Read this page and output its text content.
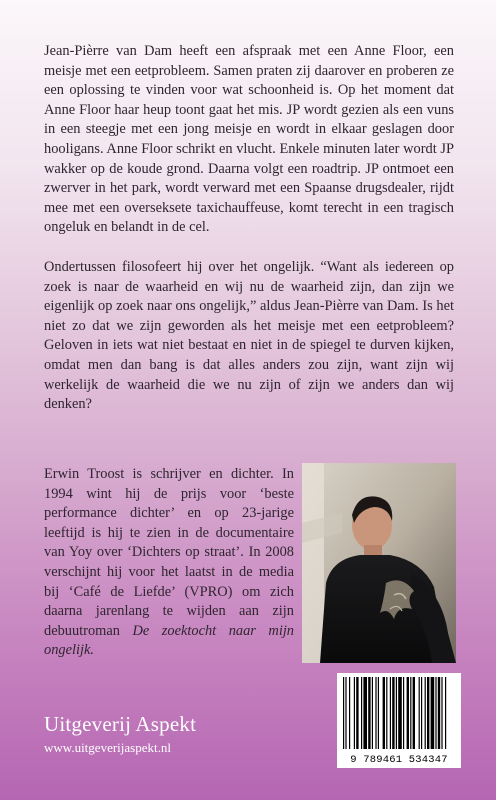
Jean-Pièrre van Dam heeft een afspraak met een Anne Floor, een meisje met een eetprobleem. Samen praten zij daarover en proberen ze een oplossing te vinden voor wat schoonheid is. Op het moment dat Anne Floor haar heup toont gaat het mis. JP wordt gezien als een vuns in een steegje met een jong meisje en wordt in elkaar geslagen door hooligans. Anne Floor schrikt en vlucht. Enkele minuten later wordt JP wakker op de koude grond. Daarna volgt een roadtrip. JP ontmoet een zwerver in het park, wordt verward met een Spaanse drugsdealer, rijdt mee met een overseksete taxichauffeuse, komt terecht in een tragisch ongeluk en belandt in de cel.

Ondertussen filosofeert hij over het ongelijk. “Want als iedereen op zoek is naar de waarheid en wij nu de waarheid zijn, dan zijn we eigenlijk op zoek naar ons ongelijk,” aldus Jean-Pièrre van Dam. Is het niet zo dat we zijn geworden als het meisje met een eetprobleem? Geloven in iets wat niet bestaat en niet in de spiegel te durven kijken, omdat men dan bang is dat alles anders zou zijn, want zijn wij werkelijk de waarheid die we nu zijn of zijn we anders dan wij denken?

Erwin Troost is schrijver en dichter. In 1994 wint hij de prijs voor ‘beste performance dichter’ en op 23-jarige leeftijd is hij te zien in de documentaire van Yoy over ‘Dichters op straat’. In 2008 verschijnt hij voor het laatst in de media bij ‘Café de Liefde’ (VPRO) om zich daarna jarenlang te wijden aan zijn debuutroman De zoektocht naar mijn ongelijk.

9 789461 534347
Uitgeverij Aspekt
www.uitgeverijaspekt.nl
